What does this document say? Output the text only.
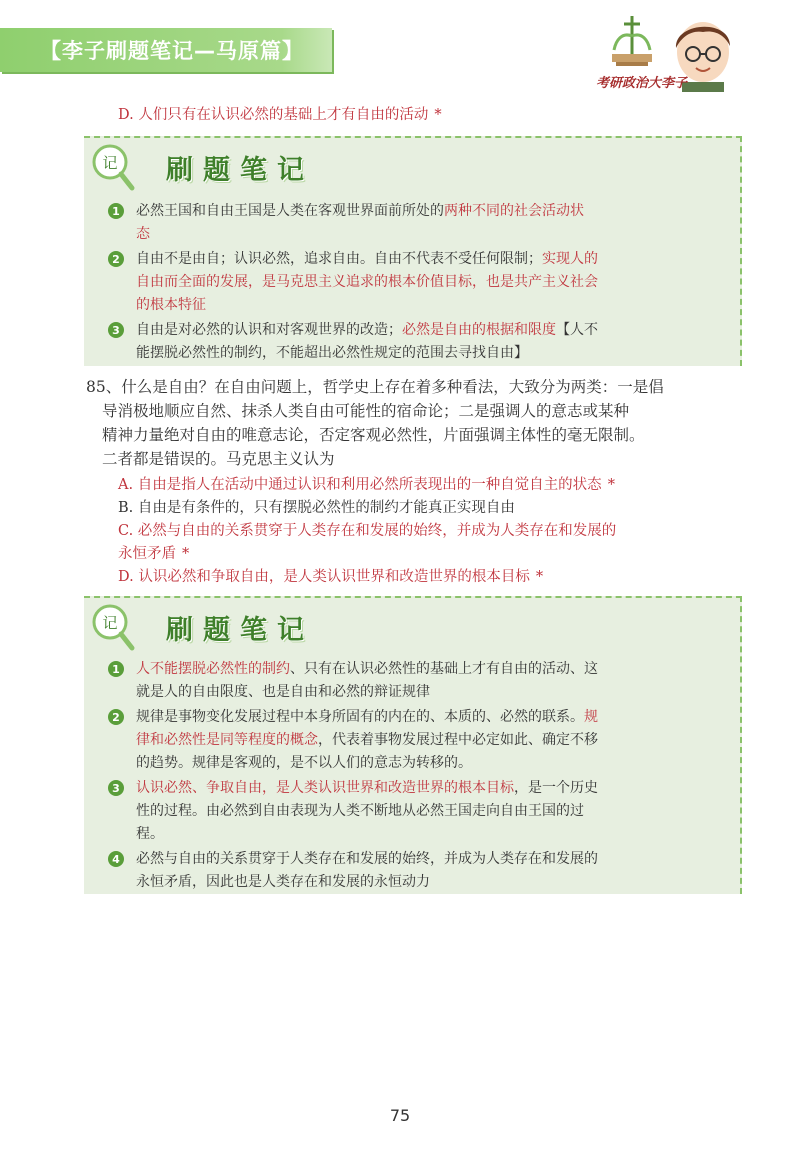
【李子刷题笔记—马原篇】
考研政治大李子
D. 人们只有在认识必然的基础上才有自由的活动 *
记 刷题笔记
1 必然王国和自由王国是人类在客观世界面前所处的两种不同的社会活动状
态
2 自由不是由自；认识必然，追求自由。自由不代表不受任何限制；实现人的
自由而全面的发展，是马克思主义追求的根本价值目标，也是共产主义社会
的根本特征
3 自由是对必然的认识和对客观世界的改造；必然是自由的根据和限度【人不
能摆脱必然性的制约，不能超出必然性规定的范围去寻找自由】
85、什么是自由？在自由问题上，哲学史上存在着多种看法，大致分为两类：一是倡
导消极地顺应自然、抹杀人类自由可能性的宿命论；二是强调人的意志或某种
精神力量绝对自由的唯意志论，否定客观必然性，片面强调主体性的毫无限制。
二者都是错误的。马克思主义认为
A. 自由是指人在活动中通过认识和利用必然所表现出的一种自觉自主的状态 *
B. 自由是有条件的，只有摆脱必然性的制约才能真正实现自由
C. 必然与自由的关系贯穿于人类存在和发展的始终，并成为人类存在和发展的
永恒矛盾 *
D. 认识必然和争取自由，是人类认识世界和改造世界的根本目标 *
记 刷题笔记
1 人不能摆脱必然性的制约、只有在认识必然性的基础上才有自由的活动、这
就是人的自由限度、也是自由和必然的辩证规律
2 规律是事物变化发展过程中本身所固有的内在的、本质的、必然的联系。规
律和必然性是同等程度的概念，代表着事物发展过程中必定如此、确定不移
的趋势。规律是客观的，是不以人们的意志为转移的。
3 认识必然、争取自由，是人类认识世界和改造世界的根本目标，是一个历史
性的过程。由必然到自由表现为人类不断地从必然王国走向自由王国的过
程。
4 必然与自由的关系贯穿于人类存在和发展的始终，并成为人类存在和发展的
永恒矛盾，因此也是人类存在和发展的永恒动力
75
